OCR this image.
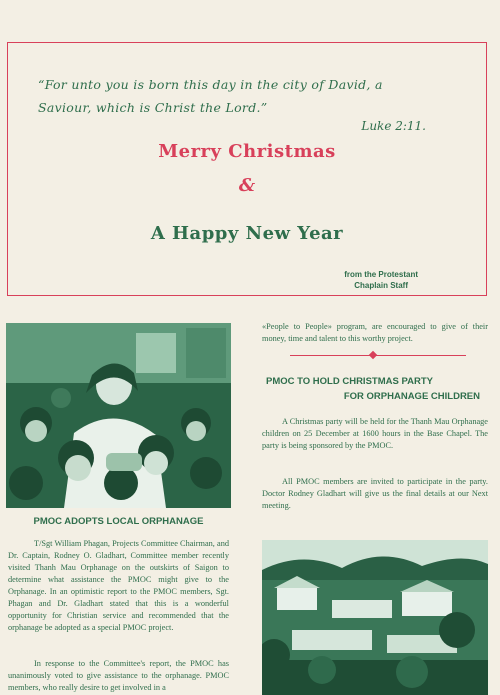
“For unto you is born this day in the city of David, a
Saviour, which is Christ the Lord.”
Luke 2:11.
Merry Christmas
&
A Happy New Year
from the Protestant
Chaplain Staff
PMOC ADOPTS LOCAL ORPHANAGE
T/Sgt William Phagan, Projects Committee Chairman, and Dr. Captain, Rodney O. Gladhart, Committee member recently visited Thanh Mau Orphanage on the outskirts of Saigon to determine what assistance the PMOC might give to the Orphanage. In an optimistic report to the PMOC members, Sgt. Phagan and Dr. Gladhart stated that this is a wonderful opportunity for Christian service and recommended that the orphanage be adopted as a special PMOC project.
In response to the Committee's report, the PMOC has unanimously voted to give assistance to the orphanage. PMOC members, who really desire to get involved in a
«People to People» program, are encouraged to give of their money, time and talent to this worthy project.
PMOC TO HOLD CHRISTMAS PARTY
FOR ORPHANAGE CHILDREN
A Christmas party will be held for the Thanh Mau Orphanage children on 25 December at 1600 hours in the Base Chapel. The party is being sponsored by the PMOC.
All PMOC members are invited to participate in the party. Doctor Rodney Gladhart will give us the final details at our Next meeting.
